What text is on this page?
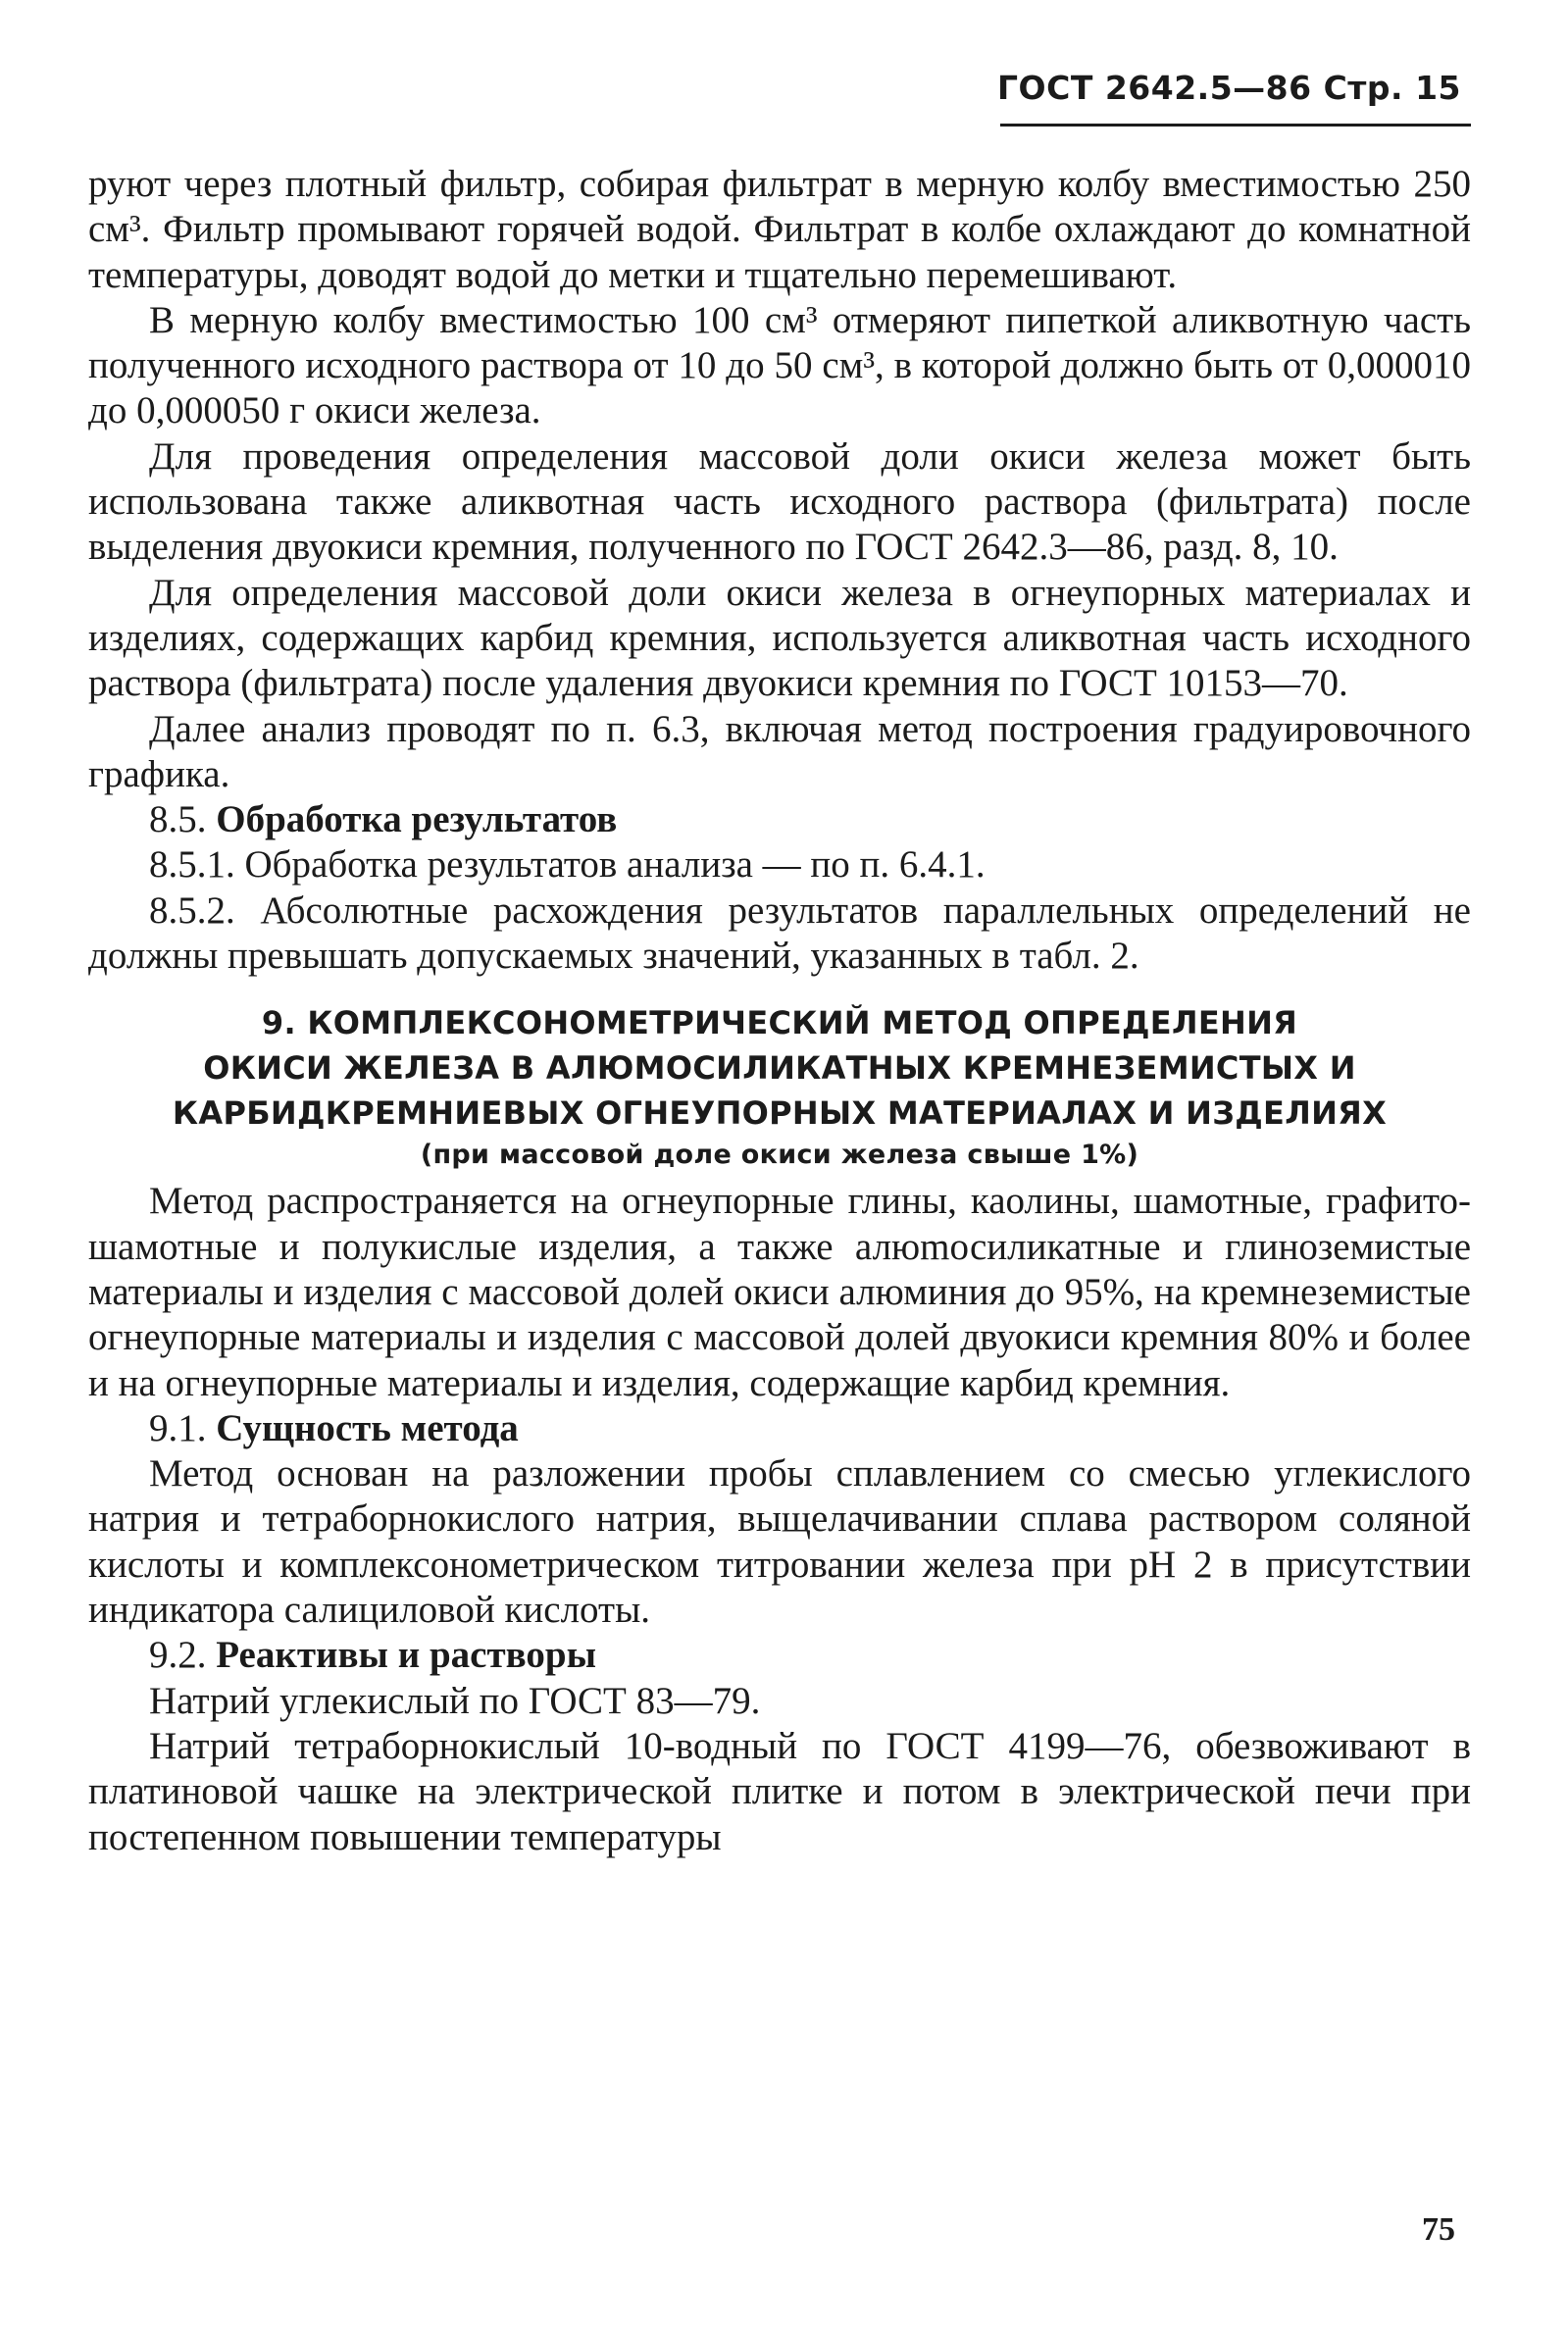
ГОСТ 2642.5—86 Стр. 15

руют через плотный фильтр, собирая фильтрат в мерную колбу вместимостью 250 см³. Фильтр промывают горячей водой. Фильтрат в колбе охлаждают до комнатной температуры, доводят водой до метки и тщательно перемешивают.

В мерную колбу вместимостью 100 см³ отмеряют пипеткой аликвотную часть полученного исходного раствора от 10 до 50 см³, в которой должно быть от 0,000010 до 0,000050 г окиси железа.

Для проведения определения массовой доли окиси железа может быть использована также аликвотная часть исходного раствора (фильтрата) после выделения двуокиси кремния, полученного по ГОСТ 2642.3—86, разд. 8, 10.

Для определения массовой доли окиси железа в огнеупорных материалах и изделиях, содержащих карбид кремния, используется аликвотная часть исходного раствора (фильтрата) после удаления двуокиси кремния по ГОСТ 10153—70.

Далее анализ проводят по п. 6.3, включая метод построения градуировочного графика.

8.5. Обработка результатов

8.5.1. Обработка результатов анализа — по п. 6.4.1.

8.5.2. Абсолютные расхождения результатов параллельных определений не должны превышать допускаемых значений, указанных в табл. 2.

9. КОМПЛЕКСОНОМЕТРИЧЕСКИЙ МЕТОД ОПРЕДЕЛЕНИЯ
ОКИСИ ЖЕЛЕЗА В АЛЮМОСИЛИКАТНЫХ КРЕМНЕЗЕМИСТЫХ И
КАРБИДКРЕМНИЕВЫХ ОГНЕУПОРНЫХ МАТЕРИАЛАХ И ИЗДЕЛИЯХ
(при массовой доле окиси железа свыше 1%)

Метод распространяется на огнеупорные глины, каолины, шамотные, графито-шамотные и полукислые изделия, а также алюmосиликатные и глиноземистые материалы и изделия с массовой долей окиси алюминия до 95%, на кремнеземистые огнеупорные материалы и изделия с массовой долей двуокиси кремния 80% и более и на огнеупорные материалы и изделия, содержащие карбид кремния.

9.1. Сущность метода

Метод основан на разложении пробы сплавлением со смесью углекислого натрия и тетраборнокислого натрия, выщелачивании сплава раствором соляной кислоты и комплексонометрическом титровании железа при pH 2 в присутствии индикатора салициловой кислоты.

9.2. Реактивы и растворы

Натрий углекислый по ГОСТ 83—79.

Натрий тетраборнокислый 10-водный по ГОСТ 4199—76, обезвоживают в платиновой чашке на электрической плитке и потом в электрической печи при постепенном повышении температуры

75
